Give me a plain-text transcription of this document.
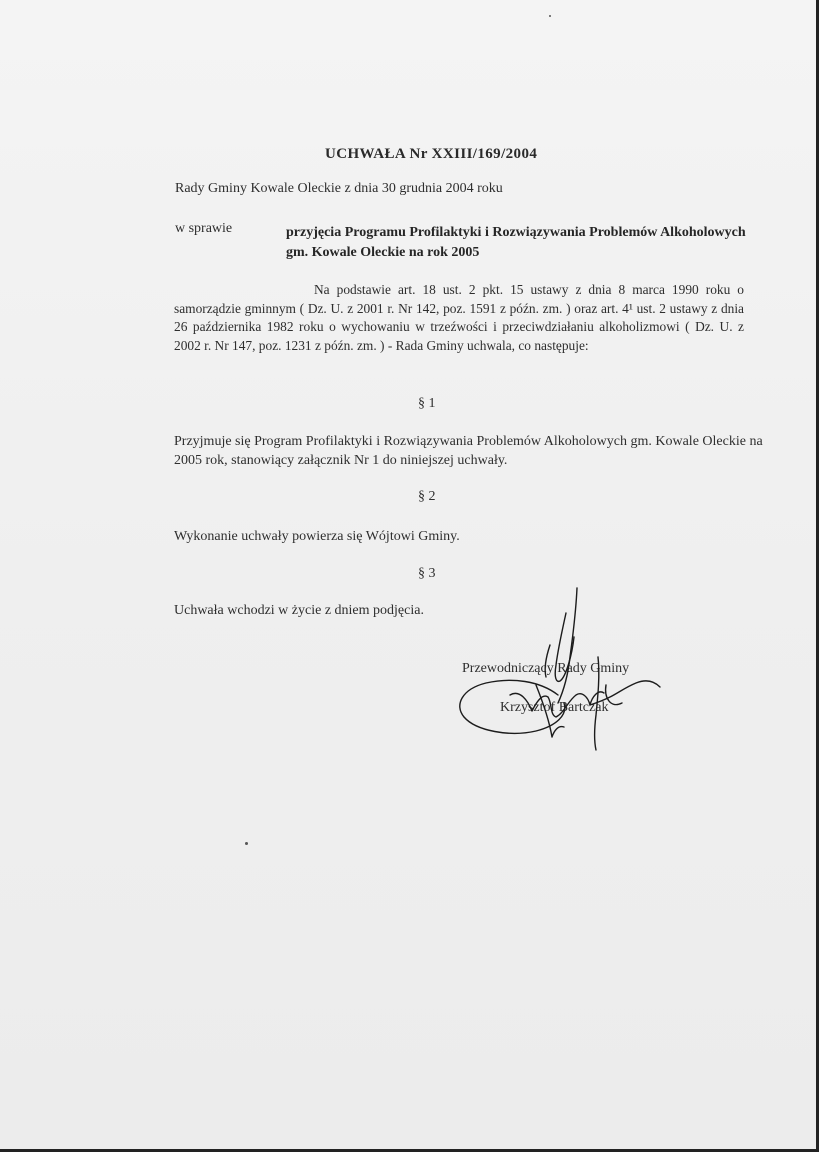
UCHWAŁA Nr XXIII/169/2004
Rady Gminy Kowale Oleckie z dnia 30 grudnia 2004 roku
w sprawie	przyjęcia Programu Profilaktyki i Rozwiązywania Problemów Alkoholowych gm. Kowale Oleckie na rok 2005
Na podstawie art. 18 ust. 2 pkt. 15 ustawy z dnia 8 marca 1990 roku o samorządzie gminnym ( Dz. U. z 2001 r. Nr 142, poz. 1591 z późn. zm. ) oraz art. 4¹ ust. 2 ustawy z dnia 26 października 1982 roku o wychowaniu w trzeźwości i przeciwdziałaniu alkoholizmowi ( Dz. U. z 2002 r. Nr 147, poz. 1231 z późn. zm. ) - Rada Gminy uchwala, co następuje:
§ 1
Przyjmuje się Program Profilaktyki i Rozwiązywania Problemów Alkoholowych gm. Kowale Oleckie na 2005 rok, stanowiący załącznik Nr 1 do niniejszej uchwały.
§ 2
Wykonanie uchwały powierza się Wójtowi Gminy.
§ 3
Uchwała wchodzi w życie z dniem podjęcia.
Przewodniczący Rady Gminy
Krzysztof Bartczak
